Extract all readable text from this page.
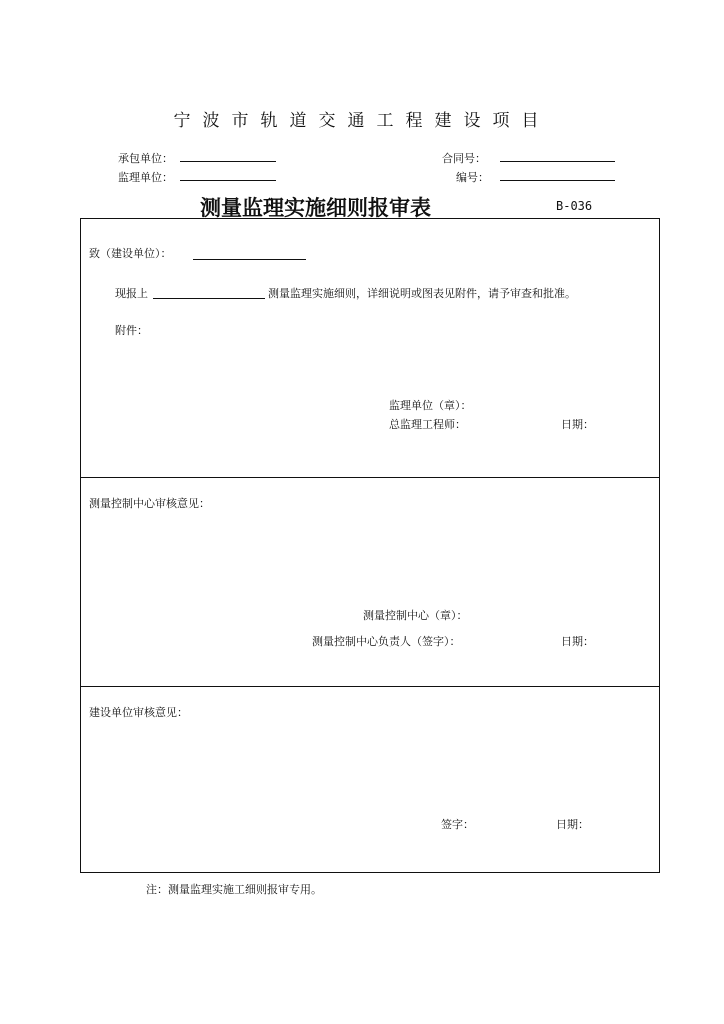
宁波市轨道交通工程建设项目
承包单位：	合同号：
监理单位：	编号：
测量监理实施细则报审表	B-036
致（建设单位）：
现报上	测量监理实施细则，详细说明或图表见附件，请予审查和批准。
附件：
监理单位（章）：
总监理工程师：	日期：
测量控制中心审核意见：
测量控制中心（章）：
测量控制中心负责人（签字）：	日期：
建设单位审核意见：
签字：	日期：
注：测量监理实施工细则报审专用。
